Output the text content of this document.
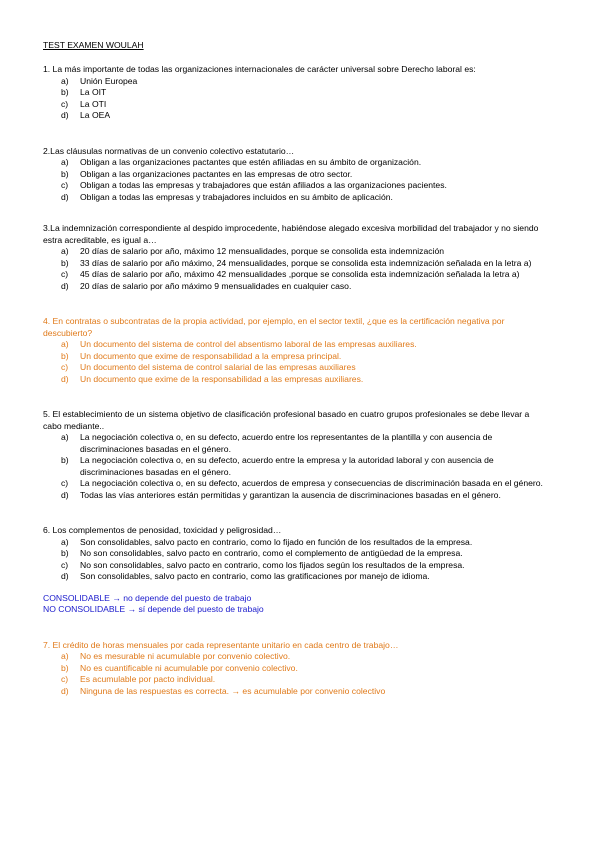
TEST EXAMEN WOULAH
1. La más importante de todas las organizaciones internacionales de carácter universal sobre Derecho laboral es:
a) Unión Europea
b) La OIT
c) La OTI
d) La OEA
2.Las cláusulas normativas de un convenio colectivo estatutario…
a) Obligan a las organizaciones pactantes que estén afiliadas en su ámbito de organización.
b) Obligan a las organizaciones pactantes en las empresas de otro sector.
c) Obligan a todas las empresas y trabajadores que están afiliados a las organizaciones pacientes.
d) Obligan a todas las empresas y trabajadores incluidos en su ámbito de aplicación.
3.La indemnización correspondiente al despido improcedente, habiéndose alegado excesiva morbilidad del trabajador y no siendo estra acreditable, es igual a…
a) 20 días de salario por año, máximo 12 mensualidades, porque se consolida esta indemnización
b) 33 días de salario por año máximo, 24 mensualidades, porque se consolida esta indemnización señalada en la letra a)
c) 45 días de salario por año, máximo 42 mensualidades ,porque se consolida esta indemnización señalada la letra a)
d) 20 días de salario por año máximo 9 mensualidades en cualquier caso.
4. En contratas o subcontratas de la propia actividad, por ejemplo, en el sector textil, ¿que es la certificación negativa por descubierto?
a) Un documento del sistema de control del absentismo laboral de las empresas auxiliares.
b) Un documento que exime de responsabilidad a la empresa principal.
c) Un documento del sistema de control salarial de las empresas auxiliares
d) Un documento que exime de la responsabilidad a las empresas auxiliares.
5. El establecimiento de un sistema objetivo de clasificación profesional basado en cuatro grupos profesionales se debe llevar a cabo mediante..
a) La negociación colectiva o, en su defecto, acuerdo entre los representantes de la plantilla y con ausencia de discriminaciones basadas en el género.
b) La negociación colectiva o, en su defecto, acuerdo entre la empresa y la autoridad laboral y con ausencia de discriminaciones basadas en el género.
c) La negociación colectiva o, en su defecto, acuerdos de empresa y consecuencias de discriminación basada en el género.
d) Todas las vías anteriores están permitidas y garantizan la ausencia de discriminaciones basadas en el género.
6. Los complementos de penosidad, toxicidad y peligrosidad…
a) Son consolidables, salvo pacto en contrario, como lo fijado en función de los resultados de la empresa.
b) No son consolidables, salvo pacto en contrario, como el complemento de antigüedad de la empresa.
c) No son consolidables, salvo pacto en contrario, como los fijados según los resultados de la empresa.
d) Son consolidables, salvo pacto en contrario, como las gratificaciones por manejo de idioma.
CONSOLIDABLE → no depende del puesto de trabajo
NO CONSOLIDABLE → sí depende del puesto de trabajo
7. El crédito de horas mensuales por cada representante unitario en cada centro de trabajo…
a) No es mesurable ni acumulable por convenio colectivo.
b) No es cuantificable ni acumulable por convenio colectivo.
c) Es acumulable por pacto individual.
d) Ninguna de las respuestas es correcta. → es acumulable por convenio colectivo
